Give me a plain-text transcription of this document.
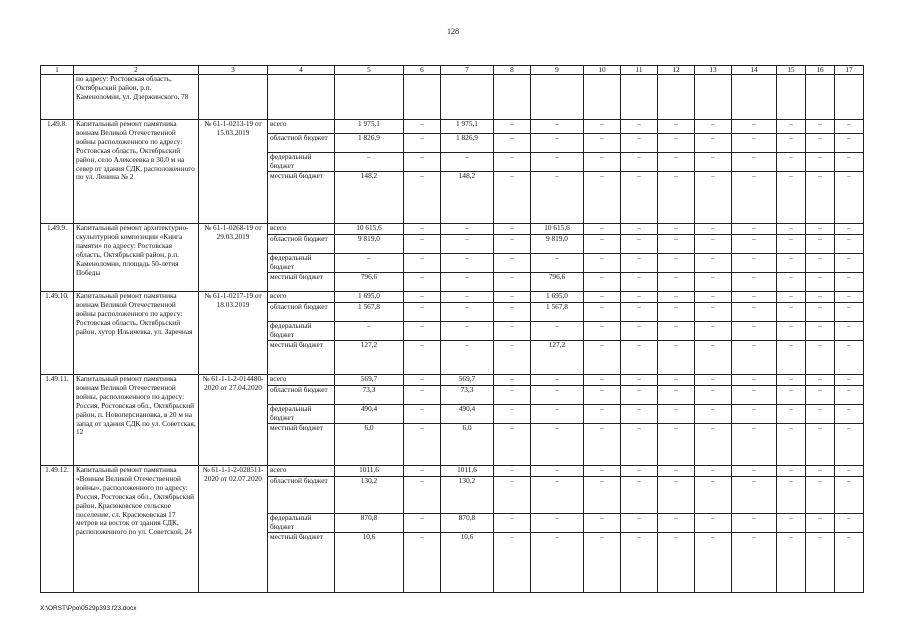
128
1	2	3	4	5	6	7	8	9	10	11	12	13	14	15	16	17
	по адресу: Ростовская область, Октябрьский район, р.п. Каменоломни, ул. Дзержинского, 78															
1.49.8.	Капитальный ремонт памятника воинам Великой Отечественной войны расположенного по адресу: Ростовская область, Октябрьский район, село Алексеевка в 30,0 м на север от здания СДК, расположенного по ул. Ленина № 2	№ 61-1-0213-19 от 15.03.2019	всего	1 975,1	–	1 975,1	–	–	–	–	–	–	–	–	–	–
			областной бюджет	1 826,9	–	1 826,9	–	–	–	–	–	–	–	–	–	–
			федеральный бюджет	–	–	–	–	–	–	–	–	–	–	–	–	–
			местный бюджет	148,2	–	148,2	–	–	–	–	–	–	–	–	–	–
1.49.9.	Капитальный ремонт архитектурно-скульптурной композиции «Книга памяти» по адресу: Ростовская область, Октябрьский район, р.п. Каменоломни, площадь 50-летия Победы	№ 61-1-0268-19 от 29.03.2019	всего	10 615,6	–	–	–	10 615,6	–	–	–	–	–	–	–	–
			областной бюджет	9 819,0	–	–	–	9 819,0	–	–	–	–	–	–	–	–
			федеральный бюджет	–	–	–	–	–	–	–	–	–	–	–	–	–
			местный бюджет	796,6	–	–	–	796,6	–	–	–	–	–	–	–	–
1.49.10.	Капитальный ремонт памятника воинам Великой Отечественной войны расположенного по адресу: Ростовская область, Октябрьский район, хутор Ильичевка, ул. Заречная	№ 61-1-0217-19 от 18.03.2019	всего	1 695,0	–	–	–	1 695,0	–	–	–	–	–	–	–	–
			областной бюджет	1 567,8	–	–	–	1 567,8	–	–	–	–	–	–	–	–
			федеральный бюджет	–	–	–	–	–	–	–	–	–	–	–	–	–
			местный бюджет	127,2	–	–	–	127,2	–	–	–	–	–	–	–	–
1.49.11.	Капитальный ремонт памятника воинам Великой Отечественной войны, расположенного по адресу: Россия, Ростовская обл., Октябрьский район, п. Новоперсиановка, в 20 м на запад от здания СДК по ул. Советская, 12	№ 61-1-1-2-014480-2020 от 27.04.2020	всего	569,7	–	569,7	–	–	–	–	–	–	–	–	–	–
			областной бюджет	73,3	–	73,3	–	–	–	–	–	–	–	–	–	–
			федеральный бюджет	490,4	–	490,4	–	–	–	–	–	–	–	–	–	–
			местный бюджет	6,0	–	6,0	–	–	–	–	–	–	–	–	–	–
1.49.12.	Капитальный ремонт памятника «Воинам Великой Отечественной войны», расположенного по адресу: Россия, Ростовская обл., Октябрьский район, Красюковское сельское поселение, сл. Красюковская 17 метров на восток от здания СДК, расположенного по ул. Советской, 24	№ 61-1-1-2-028511-2020 от 02.07.2020	всего	1011,6	–	1011,6	–	–	–	–	–	–	–	–	–	–
			областной бюджет	130,2	–	130,2	–	–	–	–	–	–	–	–	–	–
			федеральный бюджет	870,8	–	870,8	–	–	–	–	–	–	–	–	–	–
			местный бюджет	10,6	–	10,6	–	–	–	–	–	–	–	–	–	–
X:\ORST\Ppo\0529p393.f23.docx
